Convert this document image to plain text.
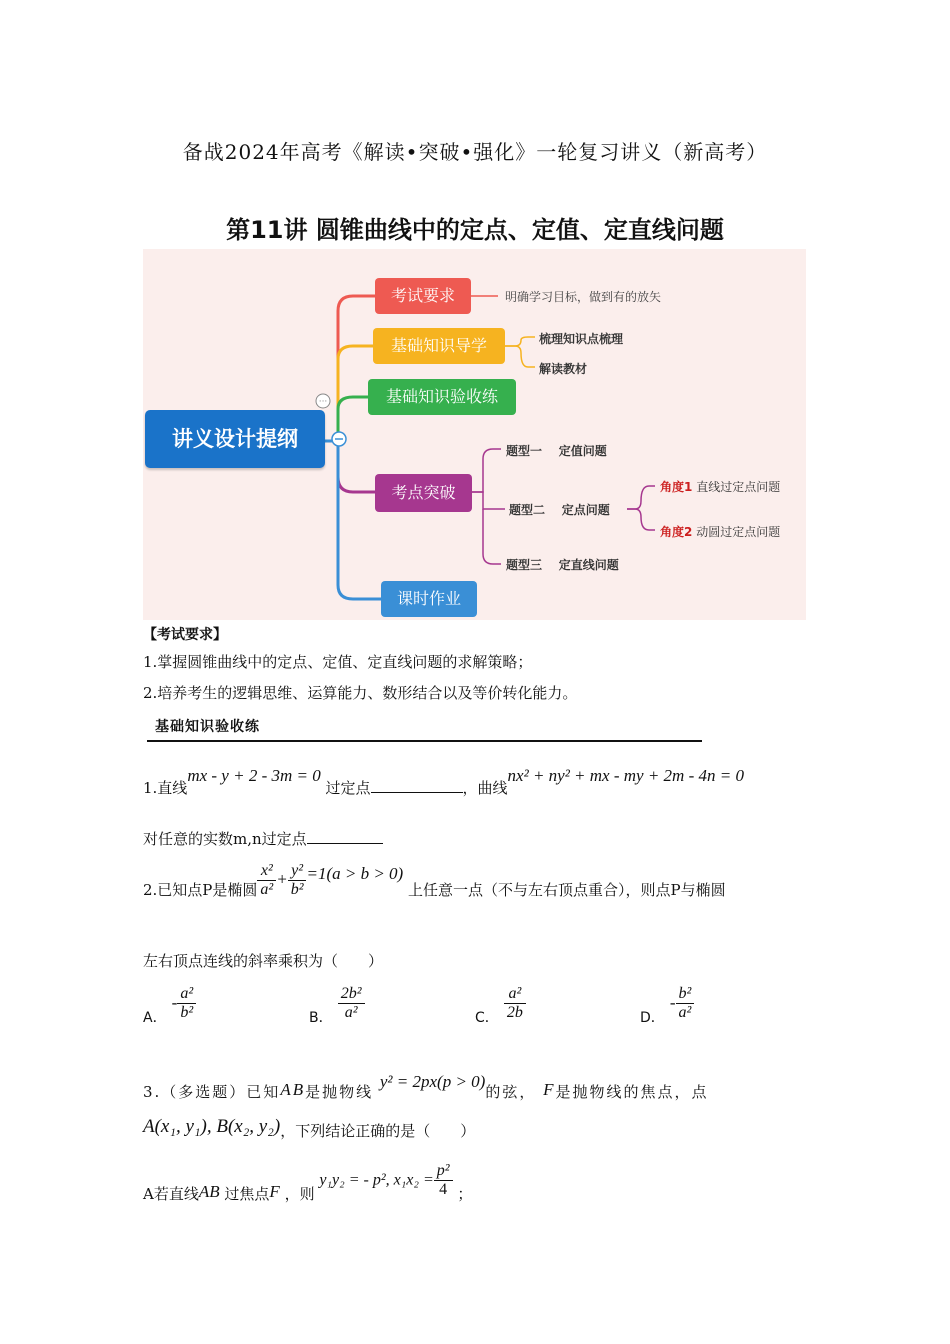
备战2024年高考《解读•突破•强化》一轮复习讲义（新高考）
第11讲 圆锥曲线中的定点、定值、定直线问题
···
讲义设计提纲
考试要求	明确学习目标，做到有的放矢
基础知识导学	梳理知识点梳理
解读教材
基础知识验收练
考点突破
题型一 定值问题
题型二 定点问题
题型三 定直线问题
角度1 直线过定点问题
角度2 动圆过定点问题
课时作业
【考试要求】
1.掌握圆锥曲线中的定点、定值、定直线问题的求解策略；
2.培养考生的逻辑思维、运算能力、数形结合以及等价转化能力。
基础知识验收练
1.直线mx - y + 2 - 3m = 0 过定点	，曲线nx² + ny² + mx - my + 2m - 4n = 0
对任意的实数m,n过定点
2.已知点P是椭圆 $\frac{\text{x²}}{\text{a²}} + \frac{\text{y²}}{\text{b²}} =1(a > b > 0)$ 上任意一点（不与左右顶点重合），则点P与椭圆
左右顶点连线的斜率乘积为（　　）
A． - $\frac{\text{a²}}{\text{b²}}$	B． $\frac{\text{2b²}}{\text{a²}}$	C． $\frac{\text{a²}}{2b}$	D． - $\frac{\text{b²}}{\text{a²}}$
3.（多选题）已知AB是抛物线 y² = 2px(p > 0)的弦， F是抛物线的焦点，点
A(x₁, y₁), B(x₂, y₂)，下列结论正确的是（　　）
A若直线AB 过焦点F ，则 y₁y₂ = - p², $x_1x_2 = \frac{\text{p²}}{4}$ ；
